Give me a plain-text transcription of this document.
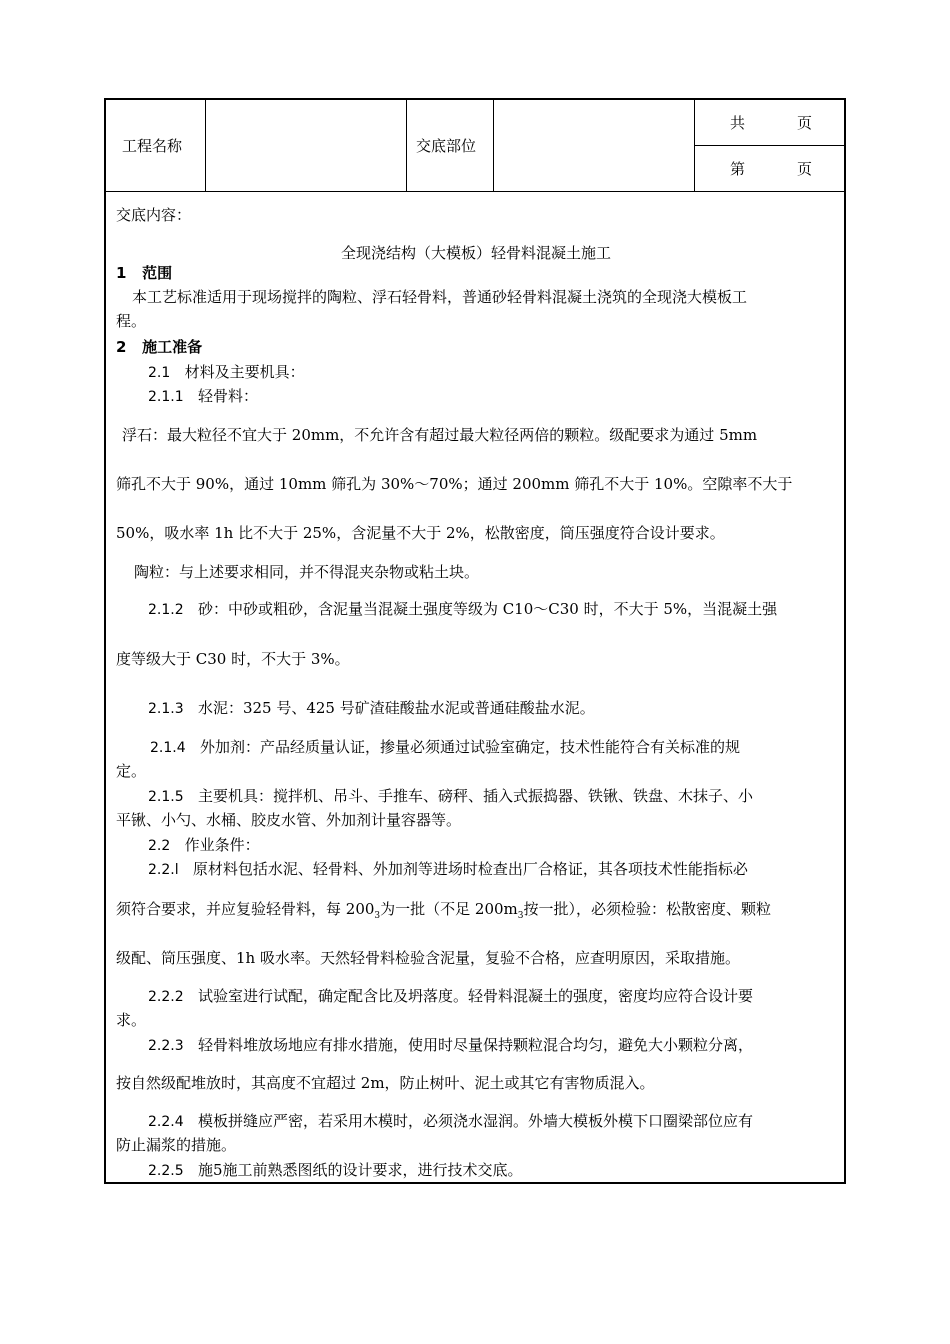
工程名称	交底部位
共	页
第	页
交底内容：
全现浇结构（大模板）轻骨料混凝土施工
1 范围
本工艺标准适用于现场搅拌的陶粒、浮石轻骨料，普通砂轻骨料混凝土浇筑的全现浇大模板工
程。
2 施工准备
2.1 材料及主要机具：
2.1.1 轻骨料：
浮石：最大粒径不宜大于 20mm，不允许含有超过最大粒径两倍的颗粒。级配要求为通过 5mm
筛孔不大于 90%，通过 10mm 筛孔为 30%～70%；通过 200mm 筛孔不大于 10%。空隙率不大于
50%，吸水率 1h 比不大于 25%，含泥量不大于 2%，松散密度，筒压强度符合设计要求。
陶粒：与上述要求相同，并不得混夹杂物或粘土块。
2.1.2 砂：中砂或粗砂，含泥量当混凝土强度等级为 C10～C30 时，不大于 5%，当混凝土强
度等级大于 C30 时，不大于 3%。
2.1.3 水泥：325 号、425 号矿渣硅酸盐水泥或普通硅酸盐水泥。
2.1.4 外加剂：产品经质量认证，掺量必须通过试验室确定，技术性能符合有关标准的规
定。
2.1.5 主要机具：搅拌机、吊斗、手推车、磅秤、插入式振捣器、铁锹、铁盘、木抹子、小
平锹、小勺、水桶、胶皮水管、外加剂计量容器等。
2.2 作业条件：
2.2.l 原材料包括水泥、轻骨料、外加剂等进场时检查出厂合格证，其各项技术性能指标必
须符合要求，并应复验轻骨料，每 $200_3$为一批（不足 $200m_3$按一批），必须检验：松散密度、颗粒
级配、筒压强度、1h 吸水率。天然轻骨料检验含泥量，复验不合格，应查明原因，采取措施。
2.2.2 试验室进行试配，确定配含比及坍落度。轻骨料混凝土的强度，密度均应符合设计要
求。
2.2.3 轻骨料堆放场地应有排水措施，使用时尽量保持颗粒混合均匀，避免大小颗粒分离，
按自然级配堆放时，其高度不宜超过 2m，防止树叶、泥土或其它有害物质混入。
2.2.4 模板拼缝应严密，若采用木模时，必须浇水湿润。外墙大模板外模下口圈梁部位应有
防止漏浆的措施。
2.2.5 施5施工前熟悉图纸的设计要求，进行技术交底。
